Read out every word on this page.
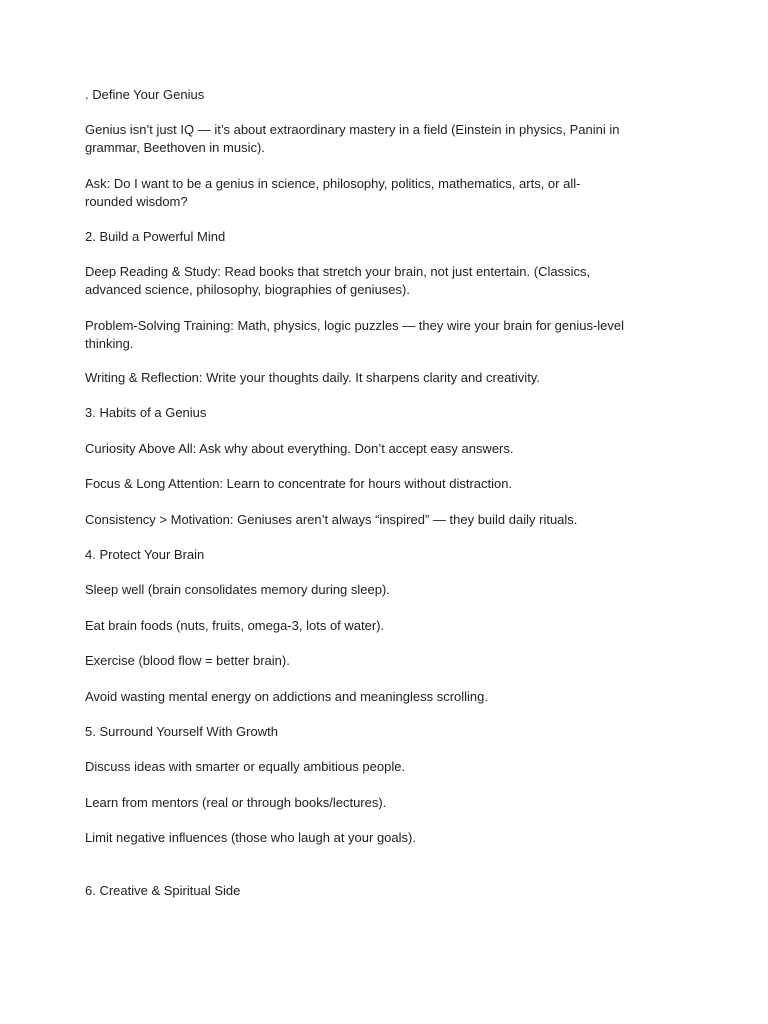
. Define Your Genius

Genius isn’t just IQ — it’s about extraordinary mastery in a field (Einstein in physics, Panini in grammar, Beethoven in music).

Ask: Do I want to be a genius in science, philosophy, politics, mathematics, arts, or all-rounded wisdom?

2. Build a Powerful Mind

Deep Reading & Study: Read books that stretch your brain, not just entertain. (Classics, advanced science, philosophy, biographies of geniuses).

Problem-Solving Training: Math, physics, logic puzzles — they wire your brain for genius-level thinking.

Writing & Reflection: Write your thoughts daily. It sharpens clarity and creativity.

3. Habits of a Genius

Curiosity Above All: Ask why about everything. Don’t accept easy answers.

Focus & Long Attention: Learn to concentrate for hours without distraction.

Consistency > Motivation: Geniuses aren’t always “inspired” — they build daily rituals.

4. Protect Your Brain

Sleep well (brain consolidates memory during sleep).

Eat brain foods (nuts, fruits, omega-3, lots of water).

Exercise (blood flow = better brain).

Avoid wasting mental energy on addictions and meaningless scrolling.

5. Surround Yourself With Growth

Discuss ideas with smarter or equally ambitious people.

Learn from mentors (real or through books/lectures).

Limit negative influences (those who laugh at your goals).

6. Creative & Spiritual Side
